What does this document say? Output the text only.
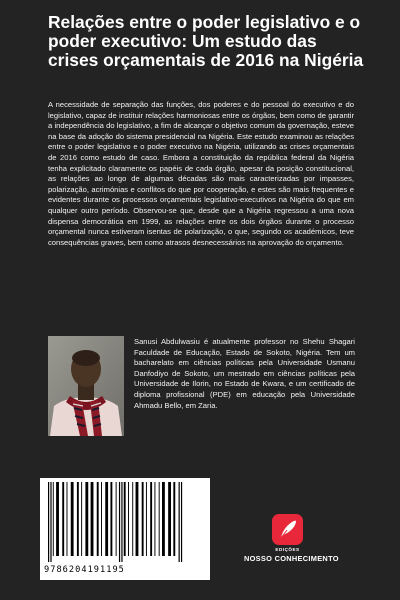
Relações entre o poder legislativo e o poder executivo: Um estudo das crises orçamentais de 2016 na Nigéria

A necessidade de separação das funções, dos poderes e do pessoal do executivo e do legislativo, capaz de instituir relações harmoniosas entre os órgãos, bem como de garantir a independência do legislativo, a fim de alcançar o objetivo comum da governação, esteve na base da adoção do sistema presidencial na Nigéria. Este estudo examinou as relações entre o poder legislativo e o poder executivo na Nigéria, utilizando as crises orçamentais de 2016 como estudo de caso. Embora a constituição da república federal da Nigéria tenha explicitado claramente os papéis de cada órgão, apesar da posição constitucional, as relações ao longo de algumas décadas são mais caracterizadas por impasses, polarização, acrimónias e conflitos do que por cooperação, e estes são mais frequentes e evidentes durante os processos orçamentais legislativo-executivos na Nigéria do que em qualquer outro período. Observou-se que, desde que a Nigéria regressou a uma nova dispensa democrática em 1999, as relações entre os dois órgãos durante o processo orçamental nunca estiveram isentas de polarização, o que, segundo os académicos, teve consequências graves, bem como atrasos desnecessários na aprovação do orçamento.

Sanusi Abdulwasiu é atualmente professor no Shehu Shagari Faculdade de Educação, Estado de Sokoto, Nigéria. Tem um bacharelato em ciências políticas pela Universidade Usmanu Danfodiyo de Sokoto, um mestrado em ciências políticas pela Universidade de Ilorin, no Estado de Kwara, e um certificado de diploma profissional (PDE) em educação pela Universidade Ahmadu Bello, em Zaria.

9786204191195
EDIÇÕES
NOSSO CONHECIMENTO
